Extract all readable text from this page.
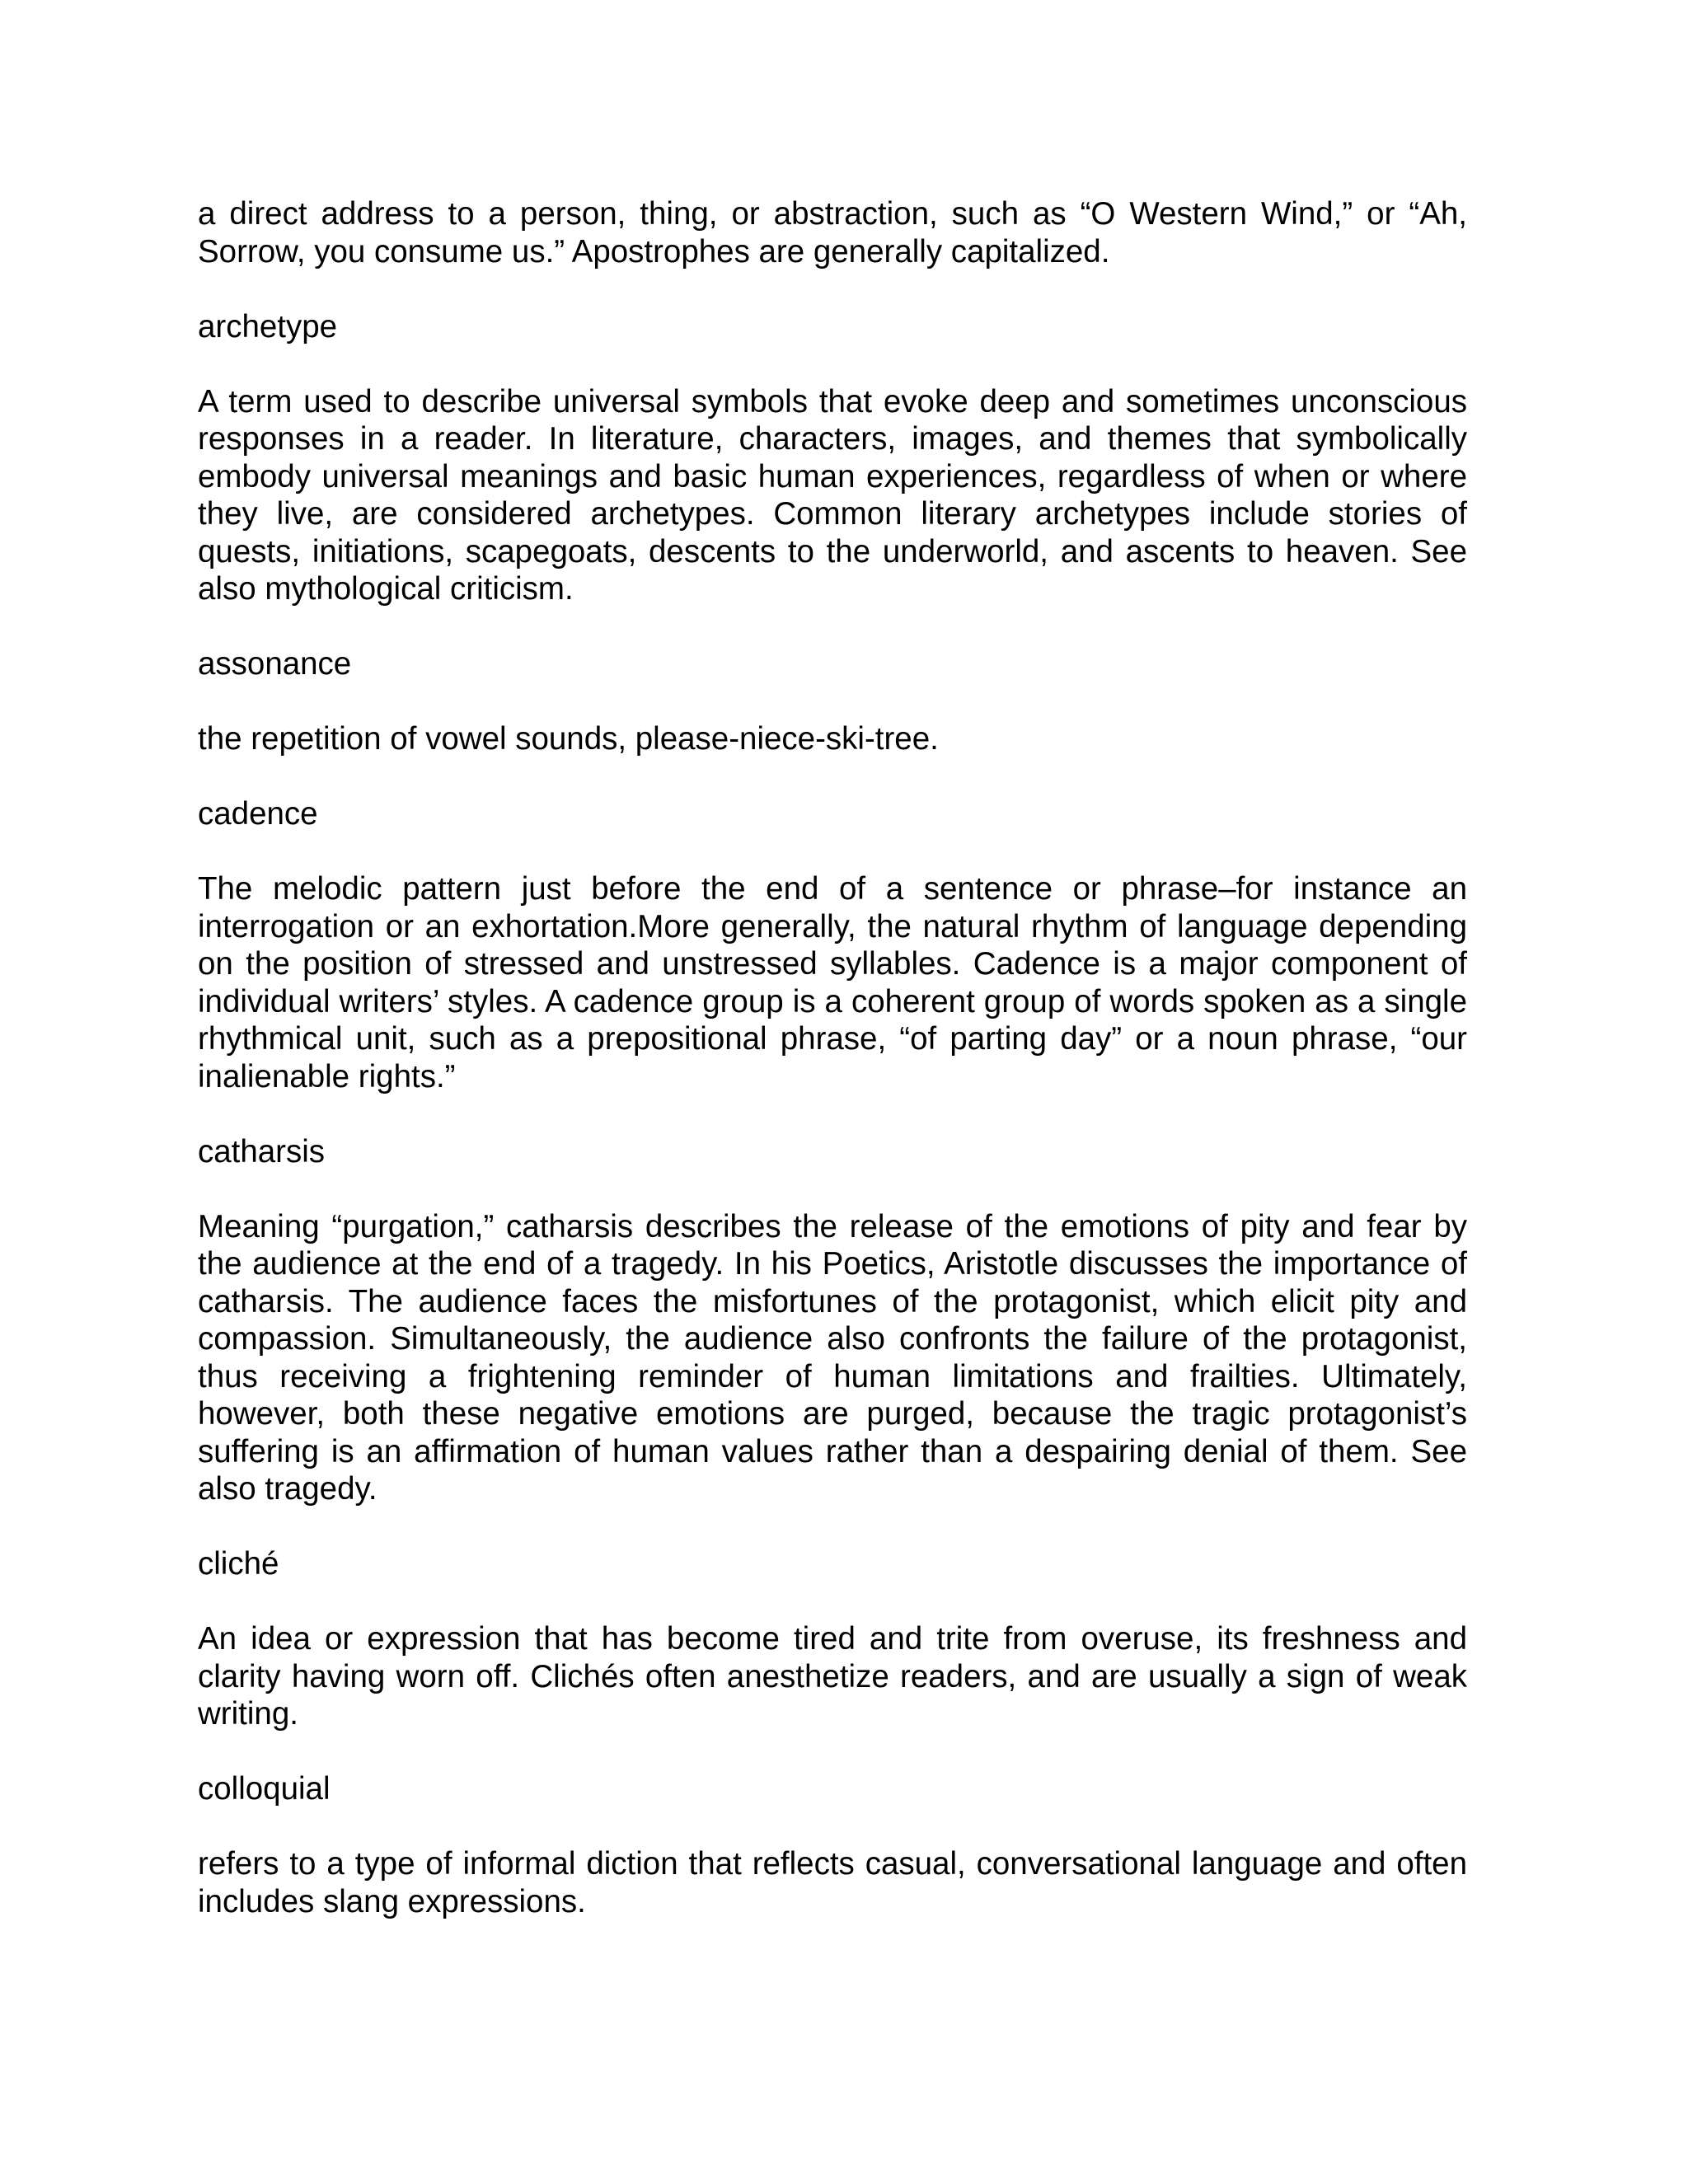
a direct address to a person, thing, or abstraction, such as “O Western Wind,” or “Ah, Sorrow, you consume us.” Apostrophes are generally capitalized.

archetype

A term used to describe universal symbols that evoke deep and sometimes unconscious responses in a reader. In literature, characters, images, and themes that symbolically embody universal meanings and basic human experiences, regardless of when or where they live, are considered archetypes. Common literary archetypes include stories of quests, initiations, scapegoats, descents to the underworld, and ascents to heaven. See also mythological criticism.

assonance

the repetition of vowel sounds, please-niece-ski-tree.

cadence

The melodic pattern just before the end of a sentence or phrase–for instance an interrogation or an exhortation.More generally, the natural rhythm of language depending on the position of stressed and unstressed syllables. Cadence is a major component of individual writers’ styles. A cadence group is a coherent group of words spoken as a single rhythmical unit, such as a prepositional phrase, “of parting day” or a noun phrase, “our inalienable rights.”

catharsis

Meaning “purgation,” catharsis describes the release of the emotions of pity and fear by the audience at the end of a tragedy. In his Poetics, Aristotle discusses the importance of catharsis. The audience faces the misfortunes of the protagonist, which elicit pity and compassion. Simultaneously, the audience also confronts the failure of the protagonist, thus receiving a frightening reminder of human limitations and frailties. Ultimately, however, both these negative emotions are purged, because the tragic protagonist’s suffering is an affirmation of human values rather than a despairing denial of them. See also tragedy.

cliché

An idea or expression that has become tired and trite from overuse, its freshness and clarity having worn off. Clichés often anesthetize readers, and are usually a sign of weak writing.

colloquial

refers to a type of informal diction that reflects casual, conversational language and often includes slang expressions.
